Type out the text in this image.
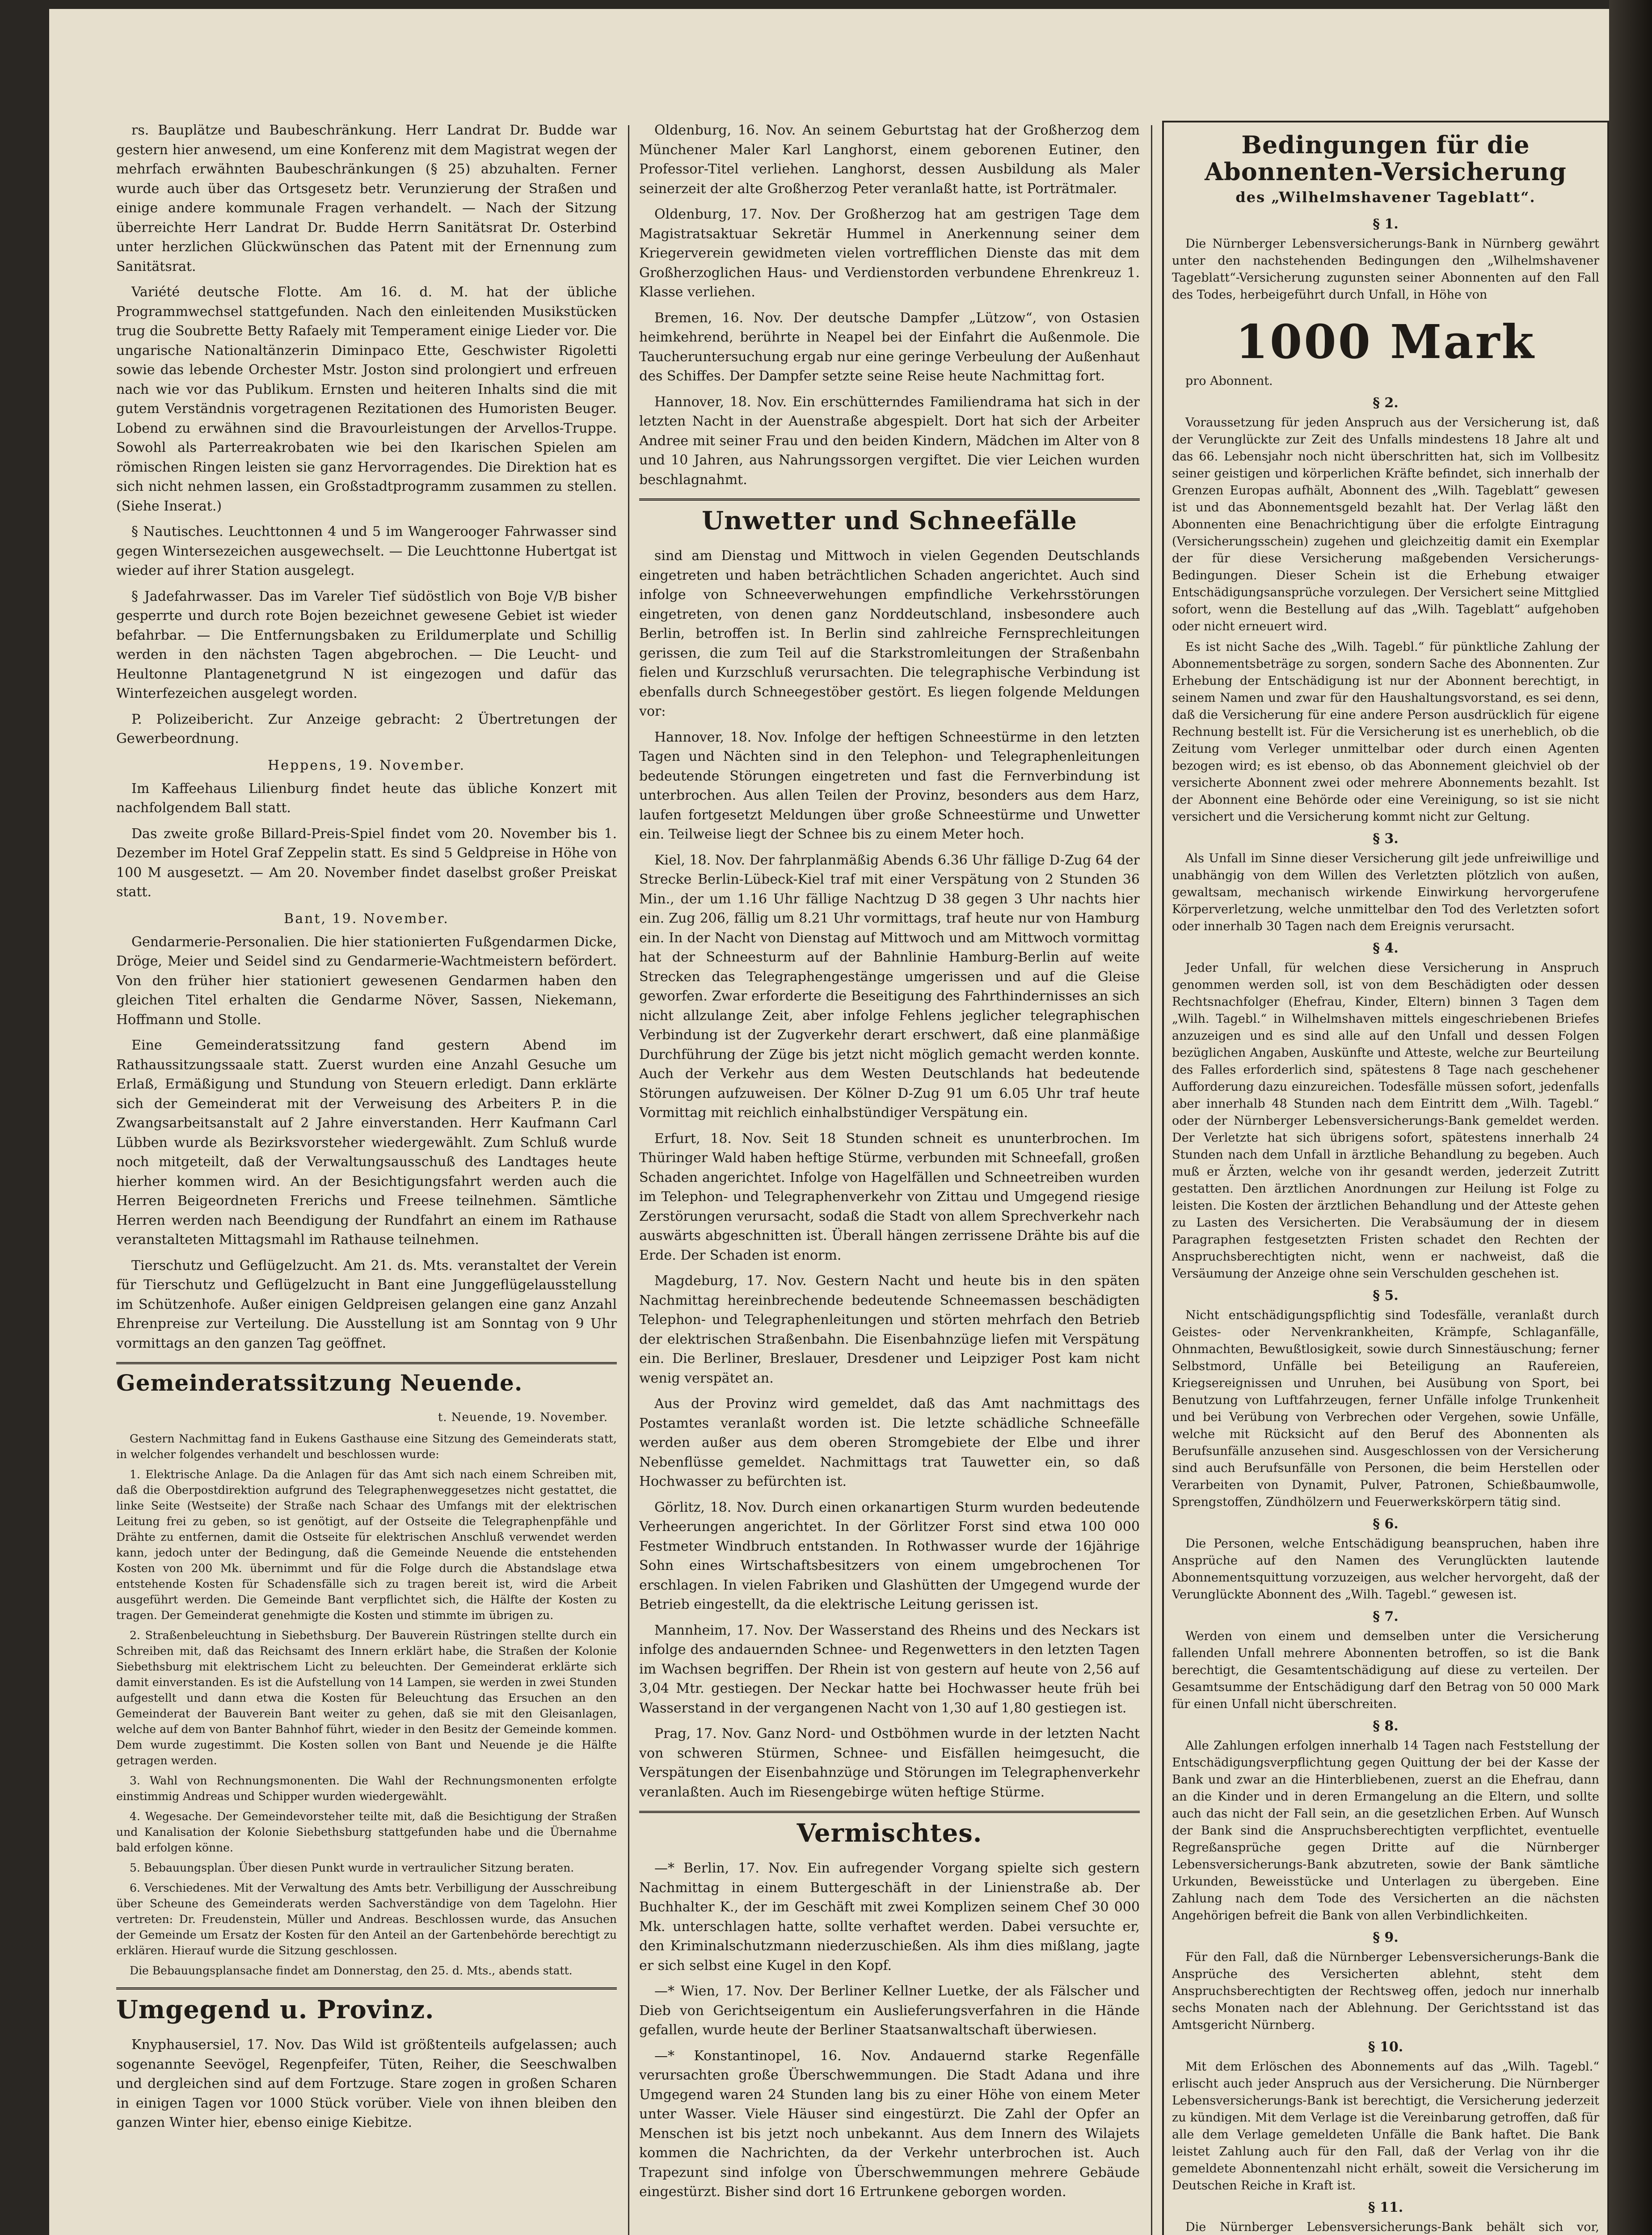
rs. Bauplätze und Baubeschränkung. Herr Landrat Dr. Budde war gestern hier anwesend, um eine Konferenz mit dem Magistrat wegen der mehrfach erwähnten Baubeschränkungen (§ 25) abzuhalten. Ferner wurde auch über das Ortsgesetz betr. Verunzierung der Straßen und einige andere kommunale Fragen verhandelt. — Nach der Sitzung überreichte Herr Landrat Dr. Budde Herrn Sanitätsrat Dr. Osterbind unter herzlichen Glückwünschen das Patent mit der Ernennung zum Sanitätsrat.

Variété deutsche Flotte. Am 16. d. M. hat der übliche Programmwechsel stattgefunden. Nach den einleitenden Musikstücken trug die Soubrette Betty Rafaely mit Temperament einige Lieder vor. Die ungarische Nationaltänzerin Diminpaco Ette, Geschwister Rigoletti sowie das lebende Orchester Mstr. Joston sind prolongiert und erfreuen nach wie vor das Publikum. Ernsten und heiteren Inhalts sind die mit gutem Verständnis vorgetragenen Rezitationen des Humoristen Beuger. Lobend zu erwähnen sind die Bravourleistungen der Arvellos-Truppe. Sowohl als Parterreakrobaten wie bei den Ikarischen Spielen am römischen Ringen leisten sie ganz Hervorragendes. Die Direktion hat es sich nicht nehmen lassen, ein Großstadtprogramm zusammen zu stellen. (Siehe Inserat.)

§ Nautisches. Leuchttonnen 4 und 5 im Wangerooger Fahrwasser sind gegen Wintersezeichen ausgewechselt. — Die Leuchttonne Hubertgat ist wieder auf ihrer Station ausgelegt.

§ Jadefahrwasser. Das im Vareler Tief südöstlich von Boje V/B bisher gesperrte und durch rote Bojen bezeichnet gewesene Gebiet ist wieder befahrbar. — Die Entfernungsbaken zu Erildumerplate und Schillig werden in den nächsten Tagen abgebrochen. — Die Leucht- und Heultonne Plantagenetgrund N ist eingezogen und dafür das Winterfezeichen ausgelegt worden.

P. Polizeibericht. Zur Anzeige gebracht: 2 Übertretungen der Gewerbeordnung.

Heppens, 19. November.

Im Kaffeehaus Lilienburg findet heute das übliche Konzert mit nachfolgendem Ball statt.

Das zweite große Billard-Preis-Spiel findet vom 20. November bis 1. Dezember im Hotel Graf Zeppelin statt. Es sind 5 Geldpreise in Höhe von 100 M ausgesetzt. — Am 20. November findet daselbst großer Preiskat statt.

Bant, 19. November.

Gendarmerie-Personalien. Die hier stationierten Fußgendarmen Dicke, Dröge, Meier und Seidel sind zu Gendarmerie-Wachtmeistern befördert. Von den früher hier stationiert gewesenen Gendarmen haben den gleichen Titel erhalten die Gendarme Növer, Sassen, Niekemann, Hoffmann und Stolle.

Eine Gemeinderatssitzung fand gestern Abend im Rathaussitzungssaale statt. Zuerst wurden eine Anzahl Gesuche um Erlaß, Ermäßigung und Stundung von Steuern erledigt. Dann erklärte sich der Gemeinderat mit der Verweisung des Arbeiters P. in die Zwangsarbeitsanstalt auf 2 Jahre einverstanden. Herr Kaufmann Carl Lübben wurde als Bezirksvorsteher wiedergewählt. Zum Schluß wurde noch mitgeteilt, daß der Verwaltungsausschuß des Landtages heute hierher kommen wird. An der Besichtigungsfahrt werden auch die Herren Beigeordneten Frerichs und Freese teilnehmen. Sämtliche Herren werden nach Beendigung der Rundfahrt an einem im Rathause veranstalteten Mittagsmahl im Rathause teilnehmen.

Tierschutz und Geflügelzucht. Am 21. ds. Mts. veranstaltet der Verein für Tierschutz und Geflügelzucht in Bant eine Junggeflügelausstellung im Schützenhofe. Außer einigen Geldpreisen gelangen eine ganz Anzahl Ehrenpreise zur Verteilung. Die Ausstellung ist am Sonntag von 9 Uhr vormittags an den ganzen Tag geöffnet.

Gemeinderatssitzung Neuende.
t. Neuende, 19. November.

Gestern Nachmittag fand in Eukens Gasthause eine Sitzung des Gemeinderats statt, in welcher folgendes verhandelt und beschlossen wurde:

1. Elektrische Anlage. Da die Anlagen für das Amt sich nach einem Schreiben mit, daß die Oberpostdirektion aufgrund des Telegraphenweggesetzes nicht gestattet, die linke Seite (Westseite) der Straße nach Schaar des Umfangs mit der elektrischen Leitung frei zu geben, so ist genötigt, auf der Ostseite die Telegraphenpfähle und Drähte zu entfernen, damit die Ostseite für elektrischen Anschluß verwendet werden kann, jedoch unter der Bedingung, daß die Gemeinde Neuende die entstehenden Kosten von 200 Mk. übernimmt und für die Folge durch die Abstandslage etwa entstehende Kosten für Schadensfälle sich zu tragen bereit ist, wird die Arbeit ausgeführt werden. Die Gemeinde Bant verpflichtet sich, die Hälfte der Kosten zu tragen. Der Gemeinderat genehmigte die Kosten und stimmte im übrigen zu.

2. Straßenbeleuchtung in Siebethsburg. Der Bauverein Rüstringen stellte durch ein Schreiben mit, daß das Reichsamt des Innern erklärt habe, die Straßen der Kolonie Siebethsburg mit elektrischem Licht zu beleuchten. Der Gemeinderat erklärte sich damit einverstanden. Es ist die Aufstellung von 14 Lampen, sie werden in zwei Stunden aufgestellt und dann etwa die Kosten für Beleuchtung das Ersuchen an den Gemeinderat der Bauverein Bant weiter zu gehen, daß sie mit den Gleisanlagen, welche auf dem von Banter Bahnhof führt, wieder in den Besitz der Gemeinde kommen. Dem wurde zugestimmt. Die Kosten sollen von Bant und Neuende je die Hälfte getragen werden.

3. Wahl von Rechnungsmonenten. Die Wahl der Rechnungsmonenten erfolgte einstimmig Andreas und Schipper wurden wiedergewählt.

4. Wegesache. Der Gemeindevorsteher teilte mit, daß die Besichtigung der Straßen und Kanalisation der Kolonie Siebethsburg stattgefunden habe und die Übernahme bald erfolgen könne.

5. Bebauungsplan. Über diesen Punkt wurde in vertraulicher Sitzung beraten.

6. Verschiedenes. Mit der Verwaltung des Amts betr. Verbilligung der Ausschreibung über Scheune des Gemeinderats werden Sachverständige von dem Tagelohn. Hier vertreten: Dr. Freudenstein, Müller und Andreas. Beschlossen wurde, das Ansuchen der Gemeinde um Ersatz der Kosten für den Anteil an der Gartenbehörde berechtigt zu erklären. Hierauf wurde die Sitzung geschlossen.

Die Bebauungsplansache findet am Donnerstag, den 25. d. Mts., abends statt.

Umgegend u. Provinz.

Knyphausersiel, 17. Nov. Das Wild ist größtenteils aufgelassen; auch sogenannte Seevögel, Regenpfeifer, Tüten, Reiher, die Seeschwalben und dergleichen sind auf dem Fortzuge. Stare zogen in großen Scharen in einigen Tagen vor 1000 Stück vorüber. Viele von ihnen bleiben den ganzen Winter hier, ebenso einige Kiebitze.

Oldenburg, 16. Nov. An seinem Geburtstag hat der Großherzog dem Münchener Maler Karl Langhorst, einem geborenen Eutiner, den Professor-Titel verliehen. Langhorst, dessen Ausbildung als Maler seinerzeit der alte Großherzog Peter veranlaßt hatte, ist Porträtmaler.

Oldenburg, 17. Nov. Der Großherzog hat am gestrigen Tage dem Magistratsaktuar Sekretär Hummel in Anerkennung seiner dem Kriegerverein gewidmeten vielen vortrefflichen Dienste das mit dem Großherzoglichen Haus- und Verdienstorden verbundene Ehrenkreuz 1. Klasse verliehen.

Bremen, 16. Nov. Der deutsche Dampfer „Lützow“, von Ostasien heimkehrend, berührte in Neapel bei der Einfahrt die Außenmole. Die Taucheruntersuchung ergab nur eine geringe Verbeulung der Außenhaut des Schiffes. Der Dampfer setzte seine Reise heute Nachmittag fort.

Hannover, 18. Nov. Ein erschütterndes Familiendrama hat sich in der letzten Nacht in der Auenstraße abgespielt. Dort hat sich der Arbeiter Andree mit seiner Frau und den beiden Kindern, Mädchen im Alter von 8 und 10 Jahren, aus Nahrungssorgen vergiftet. Die vier Leichen wurden beschlagnahmt.

Unwetter und Schneefälle

sind am Dienstag und Mittwoch in vielen Gegenden Deutschlands eingetreten und haben beträchtlichen Schaden angerichtet. Auch sind infolge von Schneeverwehungen empfindliche Verkehrsstörungen eingetreten, von denen ganz Norddeutschland, insbesondere auch Berlin, betroffen ist. In Berlin sind zahlreiche Fernsprechleitungen gerissen, die zum Teil auf die Starkstromleitungen der Straßenbahn fielen und Kurzschluß verursachten. Die telegraphische Verbindung ist ebenfalls durch Schneegestöber gestört. Es liegen folgende Meldungen vor:

Hannover, 18. Nov. Infolge der heftigen Schneestürme in den letzten Tagen und Nächten sind in den Telephon- und Telegraphenleitungen bedeutende Störungen eingetreten und fast die Fernverbindung ist unterbrochen. Aus allen Teilen der Provinz, besonders aus dem Harz, laufen fortgesetzt Meldungen über große Schneestürme und Unwetter ein. Teilweise liegt der Schnee bis zu einem Meter hoch.

Kiel, 18. Nov. Der fahrplanmäßig Abends 6.36 Uhr fällige D-Zug 64 der Strecke Berlin-Lübeck-Kiel traf mit einer Verspätung von 2 Stunden 36 Min., der um 1.16 Uhr fällige Nachtzug D 38 gegen 3 Uhr nachts hier ein. Zug 206, fällig um 8.21 Uhr vormittags, traf heute nur von Hamburg ein. In der Nacht von Dienstag auf Mittwoch und am Mittwoch vormittag hat der Schneesturm auf der Bahnlinie Hamburg-Berlin auf weite Strecken das Telegraphengestänge umgerissen und auf die Gleise geworfen. Zwar erforderte die Beseitigung des Fahrthindernisses an sich nicht allzulange Zeit, aber infolge Fehlens jeglicher telegraphischen Verbindung ist der Zugverkehr derart erschwert, daß eine planmäßige Durchführung der Züge bis jetzt nicht möglich gemacht werden konnte. Auch der Verkehr aus dem Westen Deutschlands hat bedeutende Störungen aufzuweisen. Der Kölner D-Zug 91 um 6.05 Uhr traf heute Vormittag mit reichlich einhalbstündiger Verspätung ein.

Erfurt, 18. Nov. Seit 18 Stunden schneit es ununterbrochen. Im Thüringer Wald haben heftige Stürme, verbunden mit Schneefall, großen Schaden angerichtet. Infolge von Hagelfällen und Schneetreiben wurden im Telephon- und Telegraphenverkehr von Zittau und Umgegend riesige Zerstörungen verursacht, sodaß die Stadt von allem Sprechverkehr nach auswärts abgeschnitten ist. Überall hängen zerrissene Drähte bis auf die Erde. Der Schaden ist enorm.

Magdeburg, 17. Nov. Gestern Nacht und heute bis in den späten Nachmittag hereinbrechende bedeutende Schneemassen beschädigten Telephon- und Telegraphenleitungen und störten mehrfach den Betrieb der elektrischen Straßenbahn. Die Eisenbahnzüge liefen mit Verspätung ein. Die Berliner, Breslauer, Dresdener und Leipziger Post kam nicht wenig verspätet an.

Aus der Provinz wird gemeldet, daß das Amt nachmittags des Postamtes veranlaßt worden ist. Die letzte schädliche Schneefälle werden außer aus dem oberen Stromgebiete der Elbe und ihrer Nebenflüsse gemeldet. Nachmittags trat Tauwetter ein, so daß Hochwasser zu befürchten ist.

Görlitz, 18. Nov. Durch einen orkanartigen Sturm wurden bedeutende Verheerungen angerichtet. In der Görlitzer Forst sind etwa 100 000 Festmeter Windbruch entstanden. In Rothwasser wurde der 16jährige Sohn eines Wirtschaftsbesitzers von einem umgebrochenen Tor erschlagen. In vielen Fabriken und Glashütten der Umgegend wurde der Betrieb eingestellt, da die elektrische Leitung gerissen ist.

Mannheim, 17. Nov. Der Wasserstand des Rheins und des Neckars ist infolge des andauernden Schnee- und Regenwetters in den letzten Tagen im Wachsen begriffen. Der Rhein ist von gestern auf heute von 2,56 auf 3,04 Mtr. gestiegen. Der Neckar hatte bei Hochwasser heute früh bei Wasserstand in der vergangenen Nacht von 1,30 auf 1,80 gestiegen ist.

Prag, 17. Nov. Ganz Nord- und Ostböhmen wurde in der letzten Nacht von schweren Stürmen, Schnee- und Eisfällen heimgesucht, die Verspätungen der Eisenbahnzüge und Störungen im Telegraphenverkehr veranlaßten. Auch im Riesengebirge wüten heftige Stürme.

Vermischtes.

—* Berlin, 17. Nov. Ein aufregender Vorgang spielte sich gestern Nachmittag in einem Buttergeschäft in der Linienstraße ab. Der Buchhalter K., der im Geschäft mit zwei Komplizen seinem Chef 30 000 Mk. unterschlagen hatte, sollte verhaftet werden. Dabei versuchte er, den Kriminalschutzmann niederzuschießen. Als ihm dies mißlang, jagte er sich selbst eine Kugel in den Kopf.

—* Wien, 17. Nov. Der Berliner Kellner Luetke, der als Fälscher und Dieb von Gerichtseigentum ein Auslieferungsverfahren in die Hände gefallen, wurde heute der Berliner Staatsanwaltschaft überwiesen.

—* Konstantinopel, 16. Nov. Andauernd starke Regenfälle verursachten große Überschwemmungen. Die Stadt Adana und ihre Umgegend waren 24 Stunden lang bis zu einer Höhe von einem Meter unter Wasser. Viele Häuser sind eingestürzt. Die Zahl der Opfer an Menschen ist bis jetzt noch unbekannt. Aus dem Innern des Wilajets kommen die Nachrichten, da der Verkehr unterbrochen ist. Auch Trapezunt sind infolge von Überschwemmungen mehrere Gebäude eingestürzt. Bisher sind dort 16 Ertrunkene geborgen worden.

Bedingungen für die Abonnenten-Versicherung
des „Wilhelmshavener Tageblatt“.
§ 1.

Die Nürnberger Lebensversicherungs-Bank in Nürnberg gewährt unter den nachstehenden Bedingungen den „Wilhelmshavener Tageblatt“-Versicherung zugunsten seiner Abonnenten auf den Fall des Todes, herbeigeführt durch Unfall, in Höhe von

1000 Mark

pro Abonnent.

§ 2.

Voraussetzung für jeden Anspruch aus der Versicherung ist, daß der Verunglückte zur Zeit des Unfalls mindestens 18 Jahre alt und das 66. Lebensjahr noch nicht überschritten hat, sich im Vollbesitz seiner geistigen und körperlichen Kräfte befindet, sich innerhalb der Grenzen Europas aufhält, Abonnent des „Wilh. Tageblatt“ gewesen ist und das Abonnementsgeld bezahlt hat. Der Verlag läßt den Abonnenten eine Benachrichtigung über die erfolgte Eintragung (Versicherungsschein) zugehen und gleichzeitig damit ein Exemplar der für diese Versicherung maßgebenden Versicherungs-Bedingungen. Dieser Schein ist die Erhebung etwaiger Entschädigungsansprüche vorzulegen. Der Versichert seine Mittglied sofort, wenn die Bestellung auf das „Wilh. Tageblatt“ aufgehoben oder nicht erneuert wird.

Es ist nicht Sache des „Wilh. Tagebl.“ für pünktliche Zahlung der Abonnementsbeträge zu sorgen, sondern Sache des Abonnenten. Zur Erhebung der Entschädigung ist nur der Abonnent berechtigt, in seinem Namen und zwar für den Haushaltungsvorstand, es sei denn, daß die Versicherung für eine andere Person ausdrücklich für eigene Rechnung bestellt ist. Für die Versicherung ist es unerheblich, ob die Zeitung vom Verleger unmittelbar oder durch einen Agenten bezogen wird; es ist ebenso, ob das Abonnement gleichviel ob der versicherte Abonnent zwei oder mehrere Abonnements bezahlt. Ist der Abonnent eine Behörde oder eine Vereinigung, so ist sie nicht versichert und die Versicherung kommt nicht zur Geltung.

§ 3.

Als Unfall im Sinne dieser Versicherung gilt jede unfreiwillige und unabhängig von dem Willen des Verletzten plötzlich von außen, gewaltsam, mechanisch wirkende Einwirkung hervorgerufene Körperverletzung, welche unmittelbar den Tod des Verletzten sofort oder innerhalb 30 Tagen nach dem Ereignis verursacht.

§ 4.

Jeder Unfall, für welchen diese Versicherung in Anspruch genommen werden soll, ist von dem Beschädigten oder dessen Rechtsnachfolger (Ehefrau, Kinder, Eltern) binnen 3 Tagen dem „Wilh. Tagebl.“ in Wilhelmshaven mittels eingeschriebenen Briefes anzuzeigen und es sind alle auf den Unfall und dessen Folgen bezüglichen Angaben, Auskünfte und Atteste, welche zur Beurteilung des Falles erforderlich sind, spätestens 8 Tage nach geschehener Aufforderung dazu einzureichen. Todesfälle müssen sofort, jedenfalls aber innerhalb 48 Stunden nach dem Eintritt dem „Wilh. Tagebl.“ oder der Nürnberger Lebensversicherungs-Bank gemeldet werden. Der Verletzte hat sich übrigens sofort, spätestens innerhalb 24 Stunden nach dem Unfall in ärztliche Behandlung zu begeben. Auch muß er Ärzten, welche von ihr gesandt werden, jederzeit Zutritt gestatten. Den ärztlichen Anordnungen zur Heilung ist Folge zu leisten. Die Kosten der ärztlichen Behandlung und der Atteste gehen zu Lasten des Versicherten. Die Verabsäumung der in diesem Paragraphen festgesetzten Fristen schadet den Rechten der Anspruchsberechtigten nicht, wenn er nachweist, daß die Versäumung der Anzeige ohne sein Verschulden geschehen ist.

§ 5.

Nicht entschädigungspflichtig sind Todesfälle, veranlaßt durch Geistes- oder Nervenkrankheiten, Krämpfe, Schlaganfälle, Ohnmachten, Bewußtlosigkeit, sowie durch Sinnestäuschung; ferner Selbstmord, Unfälle bei Beteiligung an Raufereien, Kriegsereignissen und Unruhen, bei Ausübung von Sport, bei Benutzung von Luftfahrzeugen, ferner Unfälle infolge Trunkenheit und bei Verübung von Verbrechen oder Vergehen, sowie Unfälle, welche mit Rücksicht auf den Beruf des Abonnenten als Berufsunfälle anzusehen sind. Ausgeschlossen von der Versicherung sind auch Berufsunfälle von Personen, die beim Herstellen oder Verarbeiten von Dynamit, Pulver, Patronen, Schießbaumwolle, Sprengstoffen, Zündhölzern und Feuerwerkskörpern tätig sind.

§ 6.

Die Personen, welche Entschädigung beanspruchen, haben ihre Ansprüche auf den Namen des Verunglückten lautende Abonnementsquittung vorzuzeigen, aus welcher hervorgeht, daß der Verunglückte Abonnent des „Wilh. Tagebl.“ gewesen ist.

§ 7.

Werden von einem und demselben unter die Versicherung fallenden Unfall mehrere Abonnenten betroffen, so ist die Bank berechtigt, die Gesamtentschädigung auf diese zu verteilen. Der Gesamtsumme der Entschädigung darf den Betrag von 50 000 Mark für einen Unfall nicht überschreiten.

§ 8.

Alle Zahlungen erfolgen innerhalb 14 Tagen nach Feststellung der Entschädigungsverpflichtung gegen Quittung der bei der Kasse der Bank und zwar an die Hinterbliebenen, zuerst an die Ehefrau, dann an die Kinder und in deren Ermangelung an die Eltern, und sollte auch das nicht der Fall sein, an die gesetzlichen Erben. Auf Wunsch der Bank sind die Anspruchsberechtigten verpflichtet, eventuelle Regreßansprüche gegen Dritte auf die Nürnberger Lebensversicherungs-Bank abzutreten, sowie der Bank sämtliche Urkunden, Beweisstücke und Unterlagen zu übergeben. Eine Zahlung nach dem Tode des Versicherten an die nächsten Angehörigen befreit die Bank von allen Verbindlichkeiten.

§ 9.

Für den Fall, daß die Nürnberger Lebensversicherungs-Bank die Ansprüche des Versicherten ablehnt, steht dem Anspruchsberechtigten der Rechtsweg offen, jedoch nur innerhalb sechs Monaten nach der Ablehnung. Der Gerichtsstand ist das Amtsgericht Nürnberg.

§ 10.

Mit dem Erlöschen des Abonnements auf das „Wilh. Tagebl.“ erlischt auch jeder Anspruch aus der Versicherung. Die Nürnberger Lebensversicherungs-Bank ist berechtigt, die Versicherung jederzeit zu kündigen. Mit dem Verlage ist die Vereinbarung getroffen, daß für alle dem Verlage gemeldeten Unfälle die Bank haftet. Die Bank leistet Zahlung auch für den Fall, daß der Verlag von ihr die gemeldete Abonnentenzahl nicht erhält, soweit die Versicherung im Deutschen Reiche in Kraft ist.

§ 11.

Die Nürnberger Lebensversicherungs-Bank behält sich vor,
